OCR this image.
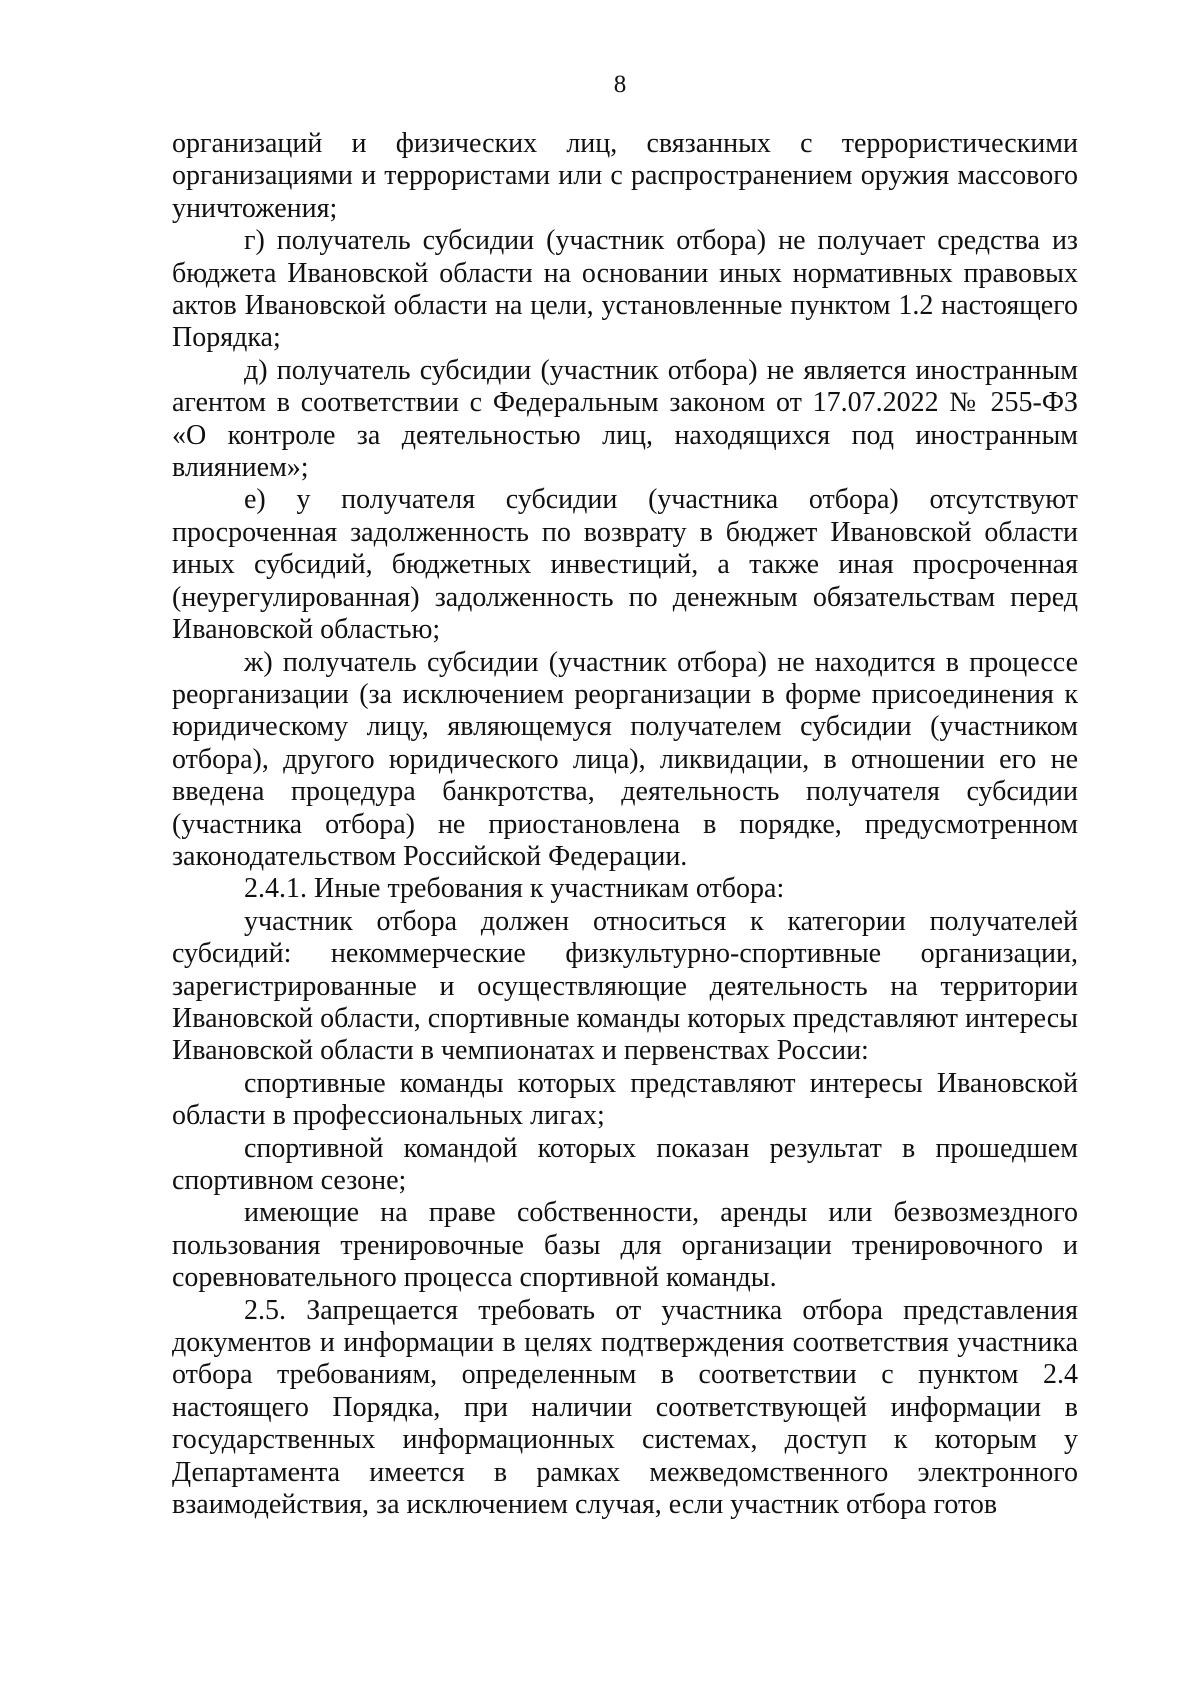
8

организаций и физических лиц, связанных с террористическими организациями и террористами или с распространением оружия массового уничтожения;

г) получатель субсидии (участник отбора) не получает средства из бюджета Ивановской области на основании иных нормативных правовых актов Ивановской области на цели, установленные пунктом 1.2 настоящего Порядка;

д) получатель субсидии (участник отбора) не является иностранным агентом в соответствии с Федеральным законом от 17.07.2022 № 255-ФЗ «О контроле за деятельностью лиц, находящихся под иностранным влиянием»;

е) у получателя субсидии (участника отбора) отсутствуют просроченная задолженность по возврату в бюджет Ивановской области иных субсидий, бюджетных инвестиций, а также иная просроченная (неурегулированная) задолженность по денежным обязательствам перед Ивановской областью;

ж) получатель субсидии (участник отбора) не находится в процессе реорганизации (за исключением реорганизации в форме присоединения к юридическому лицу, являющемуся получателем субсидии (участником отбора), другого юридического лица), ликвидации, в отношении его не введена процедура банкротства, деятельность получателя субсидии (участника отбора) не приостановлена в порядке, предусмотренном законодательством Российской Федерации.

2.4.1. Иные требования к участникам отбора:

участник отбора должен относиться к категории получателей субсидий: некоммерческие физкультурно-спортивные организации, зарегистрированные и осуществляющие деятельность на территории Ивановской области, спортивные команды которых представляют интересы Ивановской области в чемпионатах и первенствах России:

спортивные команды которых представляют интересы Ивановской области в профессиональных лигах;

спортивной командой которых показан результат в прошедшем спортивном сезоне;

имеющие на праве собственности, аренды или безвозмездного пользования тренировочные базы для организации тренировочного и соревновательного процесса спортивной команды.

2.5. Запрещается требовать от участника отбора представления документов и информации в целях подтверждения соответствия участника отбора требованиям, определенным в соответствии с пунктом 2.4 настоящего Порядка, при наличии соответствующей информации в государственных информационных системах, доступ к которым у Департамента имеется в рамках межведомственного электронного взаимодействия, за исключением случая, если участник отбора готов
